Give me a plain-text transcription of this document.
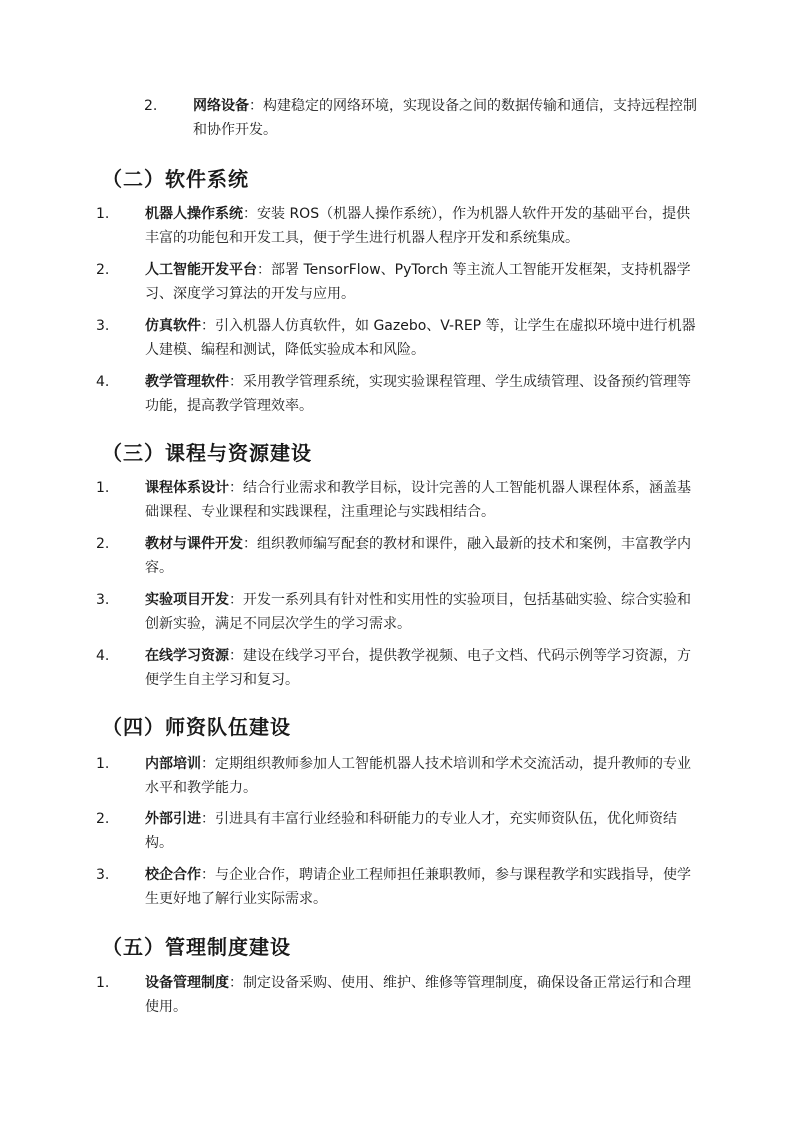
2.	网络设备：构建稳定的网络环境，实现设备之间的数据传输和通信，支持远程控制和协作开发。
（二）软件系统
1.	机器人操作系统：安装 ROS（机器人操作系统），作为机器人软件开发的基础平台，提供丰富的功能包和开发工具，便于学生进行机器人程序开发和系统集成。
2.	人工智能开发平台：部署 TensorFlow、PyTorch 等主流人工智能开发框架，支持机器学习、深度学习算法的开发与应用。
3.	仿真软件：引入机器人仿真软件，如 Gazebo、V-REP 等，让学生在虚拟环境中进行机器人建模、编程和测试，降低实验成本和风险。
4.	教学管理软件：采用教学管理系统，实现实验课程管理、学生成绩管理、设备预约管理等功能，提高教学管理效率。
（三）课程与资源建设
1.	课程体系设计：结合行业需求和教学目标，设计完善的人工智能机器人课程体系，涵盖基础课程、专业课程和实践课程，注重理论与实践相结合。
2.	教材与课件开发：组织教师编写配套的教材和课件，融入最新的技术和案例，丰富教学内容。
3.	实验项目开发：开发一系列具有针对性和实用性的实验项目，包括基础实验、综合实验和创新实验，满足不同层次学生的学习需求。
4.	在线学习资源：建设在线学习平台，提供教学视频、电子文档、代码示例等学习资源，方便学生自主学习和复习。
（四）师资队伍建设
1.	内部培训：定期组织教师参加人工智能机器人技术培训和学术交流活动，提升教师的专业水平和教学能力。
2.	外部引进：引进具有丰富行业经验和科研能力的专业人才，充实师资队伍，优化师资结构。
3.	校企合作：与企业合作，聘请企业工程师担任兼职教师，参与课程教学和实践指导，使学生更好地了解行业实际需求。
（五）管理制度建设
1.	设备管理制度：制定设备采购、使用、维护、维修等管理制度，确保设备正常运行和合理使用。
